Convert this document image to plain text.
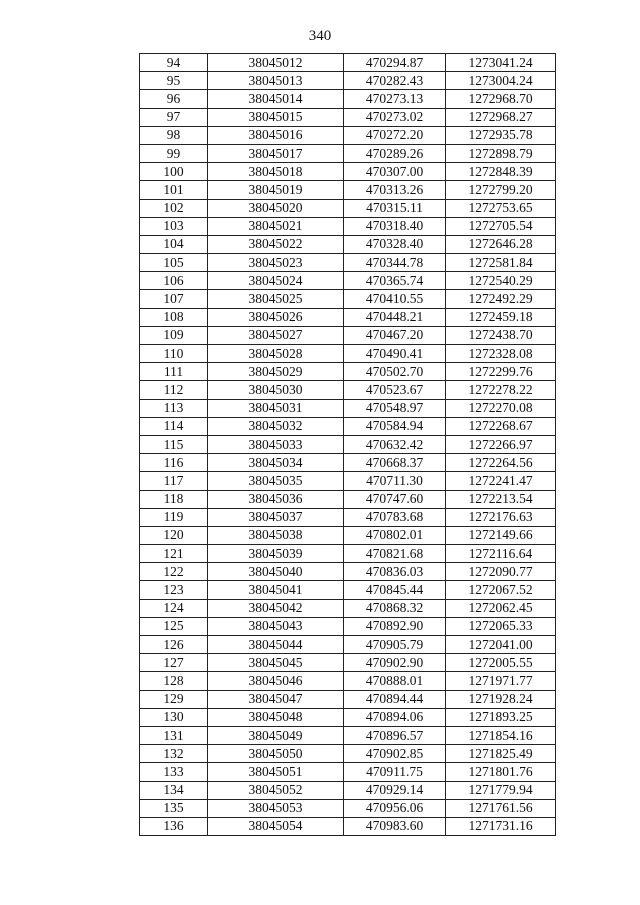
340
94	38045012	470294.87	1273041.24
95	38045013	470282.43	1273004.24
96	38045014	470273.13	1272968.70
97	38045015	470273.02	1272968.27
98	38045016	470272.20	1272935.78
99	38045017	470289.26	1272898.79
100	38045018	470307.00	1272848.39
101	38045019	470313.26	1272799.20
102	38045020	470315.11	1272753.65
103	38045021	470318.40	1272705.54
104	38045022	470328.40	1272646.28
105	38045023	470344.78	1272581.84
106	38045024	470365.74	1272540.29
107	38045025	470410.55	1272492.29
108	38045026	470448.21	1272459.18
109	38045027	470467.20	1272438.70
110	38045028	470490.41	1272328.08
111	38045029	470502.70	1272299.76
112	38045030	470523.67	1272278.22
113	38045031	470548.97	1272270.08
114	38045032	470584.94	1272268.67
115	38045033	470632.42	1272266.97
116	38045034	470668.37	1272264.56
117	38045035	470711.30	1272241.47
118	38045036	470747.60	1272213.54
119	38045037	470783.68	1272176.63
120	38045038	470802.01	1272149.66
121	38045039	470821.68	1272116.64
122	38045040	470836.03	1272090.77
123	38045041	470845.44	1272067.52
124	38045042	470868.32	1272062.45
125	38045043	470892.90	1272065.33
126	38045044	470905.79	1272041.00
127	38045045	470902.90	1272005.55
128	38045046	470888.01	1271971.77
129	38045047	470894.44	1271928.24
130	38045048	470894.06	1271893.25
131	38045049	470896.57	1271854.16
132	38045050	470902.85	1271825.49
133	38045051	470911.75	1271801.76
134	38045052	470929.14	1271779.94
135	38045053	470956.06	1271761.56
136	38045054	470983.60	1271731.16
